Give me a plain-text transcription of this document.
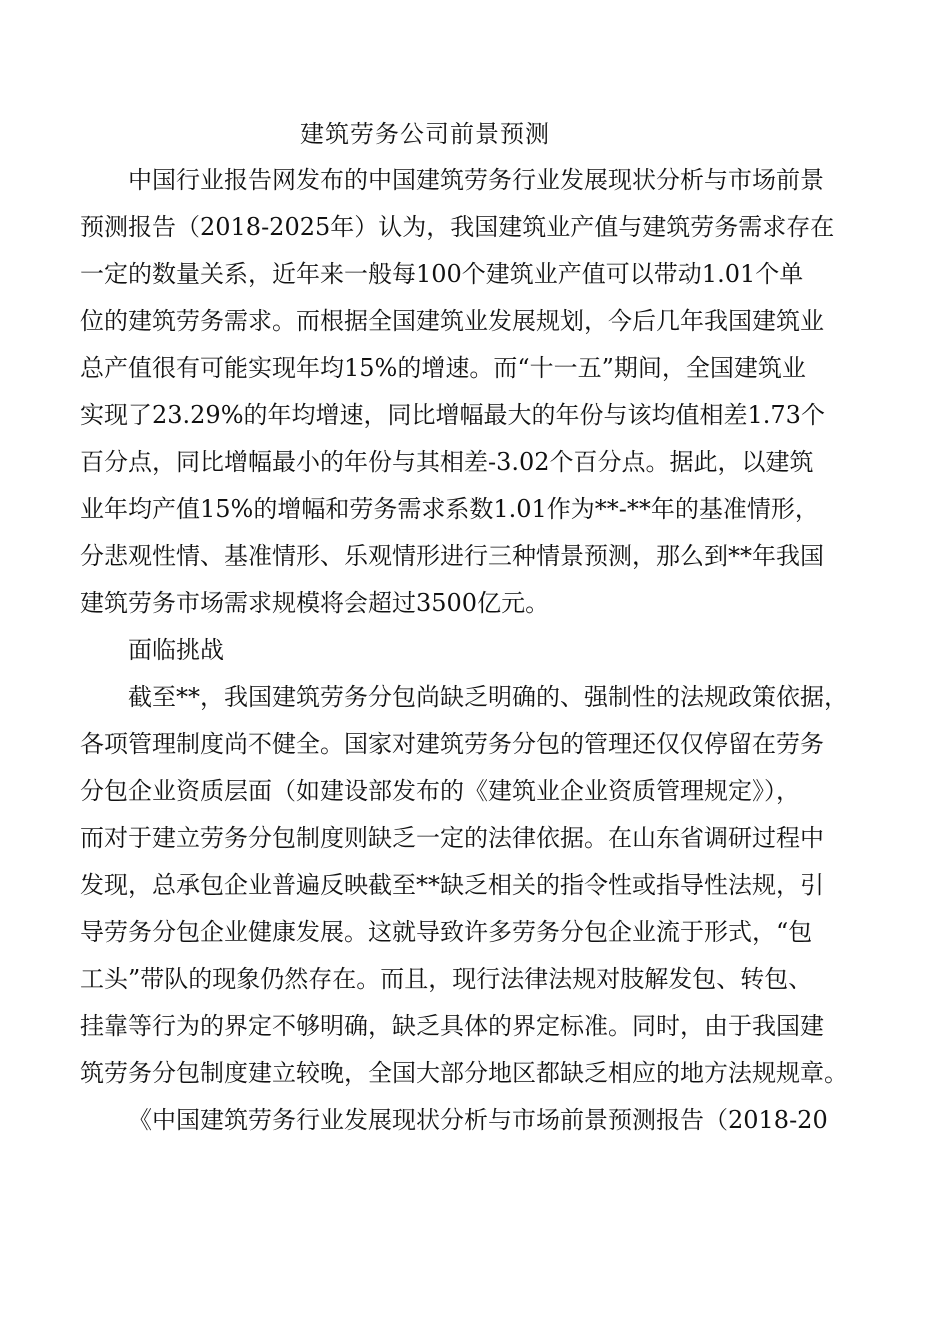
建筑劳务公司前景预测
中国行业报告网发布的中国建筑劳务行业发展现状分析与市场前景
预测报告（2018-2025年）认为，我国建筑业产值与建筑劳务需求存在
一定的数量关系，近年来一般每100个建筑业产值可以带动1.01个单
位的建筑劳务需求。而根据全国建筑业发展规划，今后几年我国建筑业
总产值很有可能实现年均15%的增速。而“十一五”期间，全国建筑业
实现了23.29%的年均增速，同比增幅最大的年份与该均值相差1.73个
百分点，同比增幅最小的年份与其相差-3.02个百分点。据此，以建筑
业年均产值15%的增幅和劳务需求系数1.01作为**-**年的基准情形，
分悲观性情、基准情形、乐观情形进行三种情景预测，那么到**年我国
建筑劳务市场需求规模将会超过3500亿元。
面临挑战
截至**，我国建筑劳务分包尚缺乏明确的、强制性的法规政策依据，
各项管理制度尚不健全。国家对建筑劳务分包的管理还仅仅停留在劳务
分包企业资质层面（如建设部发布的《建筑业企业资质管理规定》），
而对于建立劳务分包制度则缺乏一定的法律依据。在山东省调研过程中
发现，总承包企业普遍反映截至**缺乏相关的指令性或指导性法规，引
导劳务分包企业健康发展。这就导致许多劳务分包企业流于形式，“包
工头”带队的现象仍然存在。而且，现行法律法规对肢解发包、转包、
挂靠等行为的界定不够明确，缺乏具体的界定标准。同时，由于我国建
筑劳务分包制度建立较晚，全国大部分地区都缺乏相应的地方法规规章。
《中国建筑劳务行业发展现状分析与市场前景预测报告（2018-20
